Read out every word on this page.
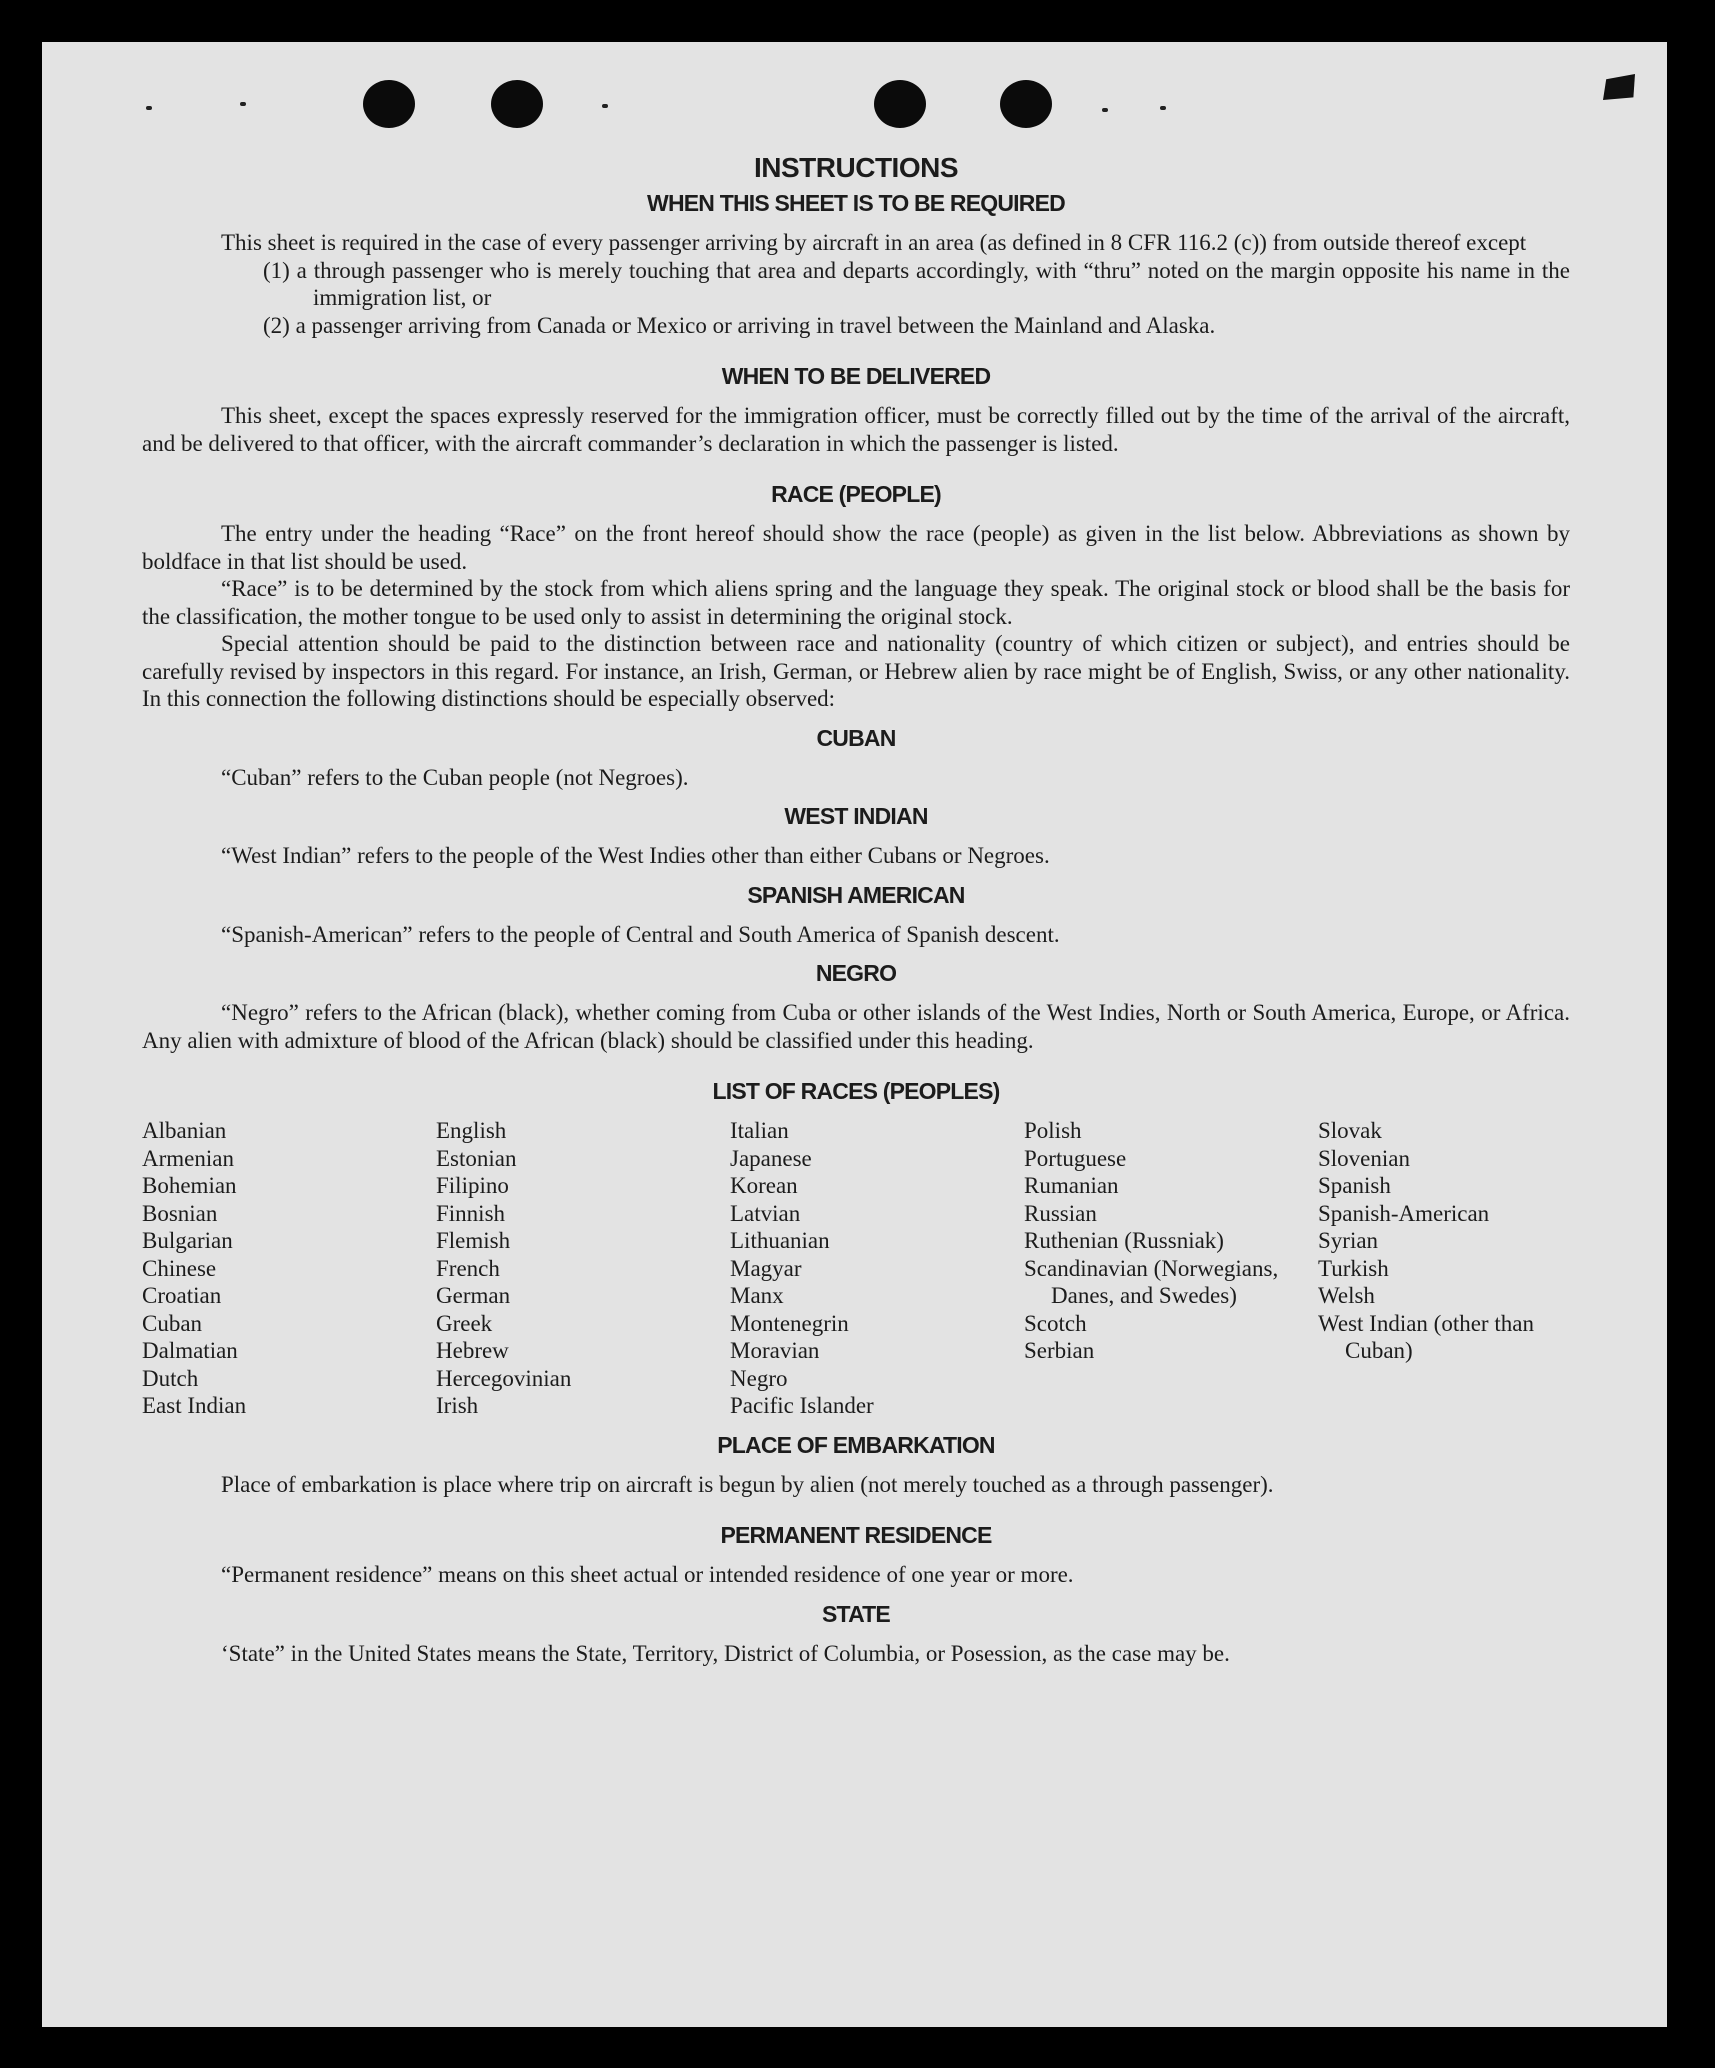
INSTRUCTIONS
WHEN THIS SHEET IS TO BE REQUIRED

This sheet is required in the case of every passenger arriving by aircraft in an area (as defined in 8 CFR 116.2 (c)) from outside thereof except

(1) a through passenger who is merely touching that area and departs accordingly, with “thru” noted on the margin opposite his name in the immigration list, or

(2) a passenger arriving from Canada or Mexico or arriving in travel between the Mainland and Alaska.

WHEN TO BE DELIVERED

This sheet, except the spaces expressly reserved for the immigration officer, must be correctly filled out by the time of the arrival of the aircraft, and be delivered to that officer, with the aircraft commander’s declaration in which the passenger is listed.

RACE (PEOPLE)

The entry under the heading “Race” on the front hereof should show the race (people) as given in the list below. Abbreviations as shown by boldface in that list should be used.

“Race” is to be determined by the stock from which aliens spring and the language they speak. The original stock or blood shall be the basis for the classification, the mother tongue to be used only to assist in determining the original stock.

Special attention should be paid to the distinction between race and nationality (country of which citizen or subject), and entries should be carefully revised by inspectors in this regard. For instance, an Irish, German, or Hebrew alien by race might be of English, Swiss, or any other nationality. In this connection the following distinctions should be especially observed:

CUBAN

“Cuban” refers to the Cuban people (not Negroes).

WEST INDIAN

“West Indian” refers to the people of the West Indies other than either Cubans or Negroes.

SPANISH AMERICAN

“Spanish-American” refers to the people of Central and South America of Spanish descent.

NEGRO

“Negro” refers to the African (black), whether coming from Cuba or other islands of the West Indies, North or South America, Europe, or Africa. Any alien with admixture of blood of the African (black) should be classified under this heading.

LIST OF RACES (PEOPLES)
Albanian
Armenian
Bohemian
Bosnian
Bulgarian
Chinese
Croatian
Cuban
Dalmatian
Dutch
East Indian
English
Estonian
Filipino
Finnish
Flemish
French
German
Greek
Hebrew
Hercegovinian
Irish
Italian
Japanese
Korean
Latvian
Lithuanian
Magyar
Manx
Montenegrin
Moravian
Negro
Pacific Islander
Polish
Portuguese
Rumanian
Russian
Ruthenian (Russniak)
Scandinavian (Norwegians, Danes, and Swedes)
Scotch
Serbian
Slovak
Slovenian
Spanish
Spanish-American
Syrian
Turkish
Welsh
West Indian (other than Cuban)
PLACE OF EMBARKATION

Place of embarkation is place where trip on aircraft is begun by alien (not merely touched as a through passenger).

PERMANENT RESIDENCE

“Permanent residence” means on this sheet actual or intended residence of one year or more.

STATE

‘State” in the United States means the State, Territory, District of Columbia, or Posession, as the case may be.
